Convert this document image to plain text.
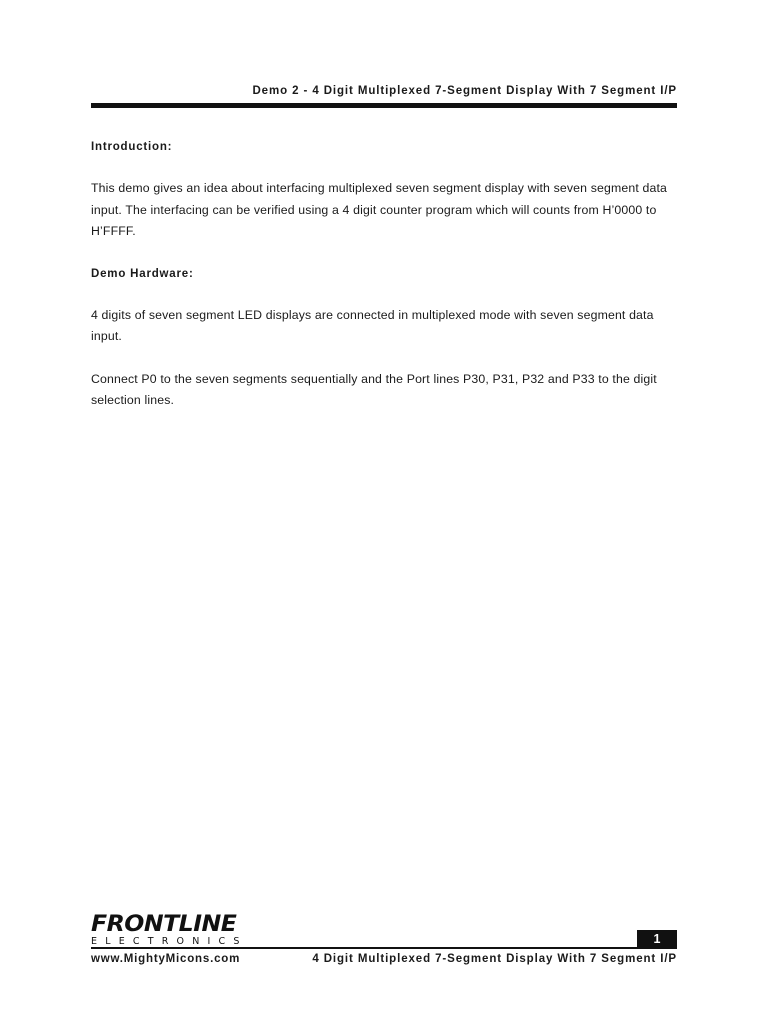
Demo 2 - 4 Digit Multiplexed 7-Segment Display With 7 Segment I/P

Introduction:

This demo gives an idea about interfacing multiplexed seven segment display with seven segment data input. The interfacing can be verified using a 4 digit counter program which will counts from H’0000 to H’FFFF.

Demo Hardware:

4 digits of seven segment LED displays are connected in multiplexed mode with seven segment data input.

Connect P0 to the seven segments sequentially and the Port lines P30, P31, P32 and P33 to the digit selection lines.

FRONTLINE
ELECTRONICS	1
www.MightyMicons.com	4 Digit Multiplexed 7-Segment Display With 7 Segment I/P
